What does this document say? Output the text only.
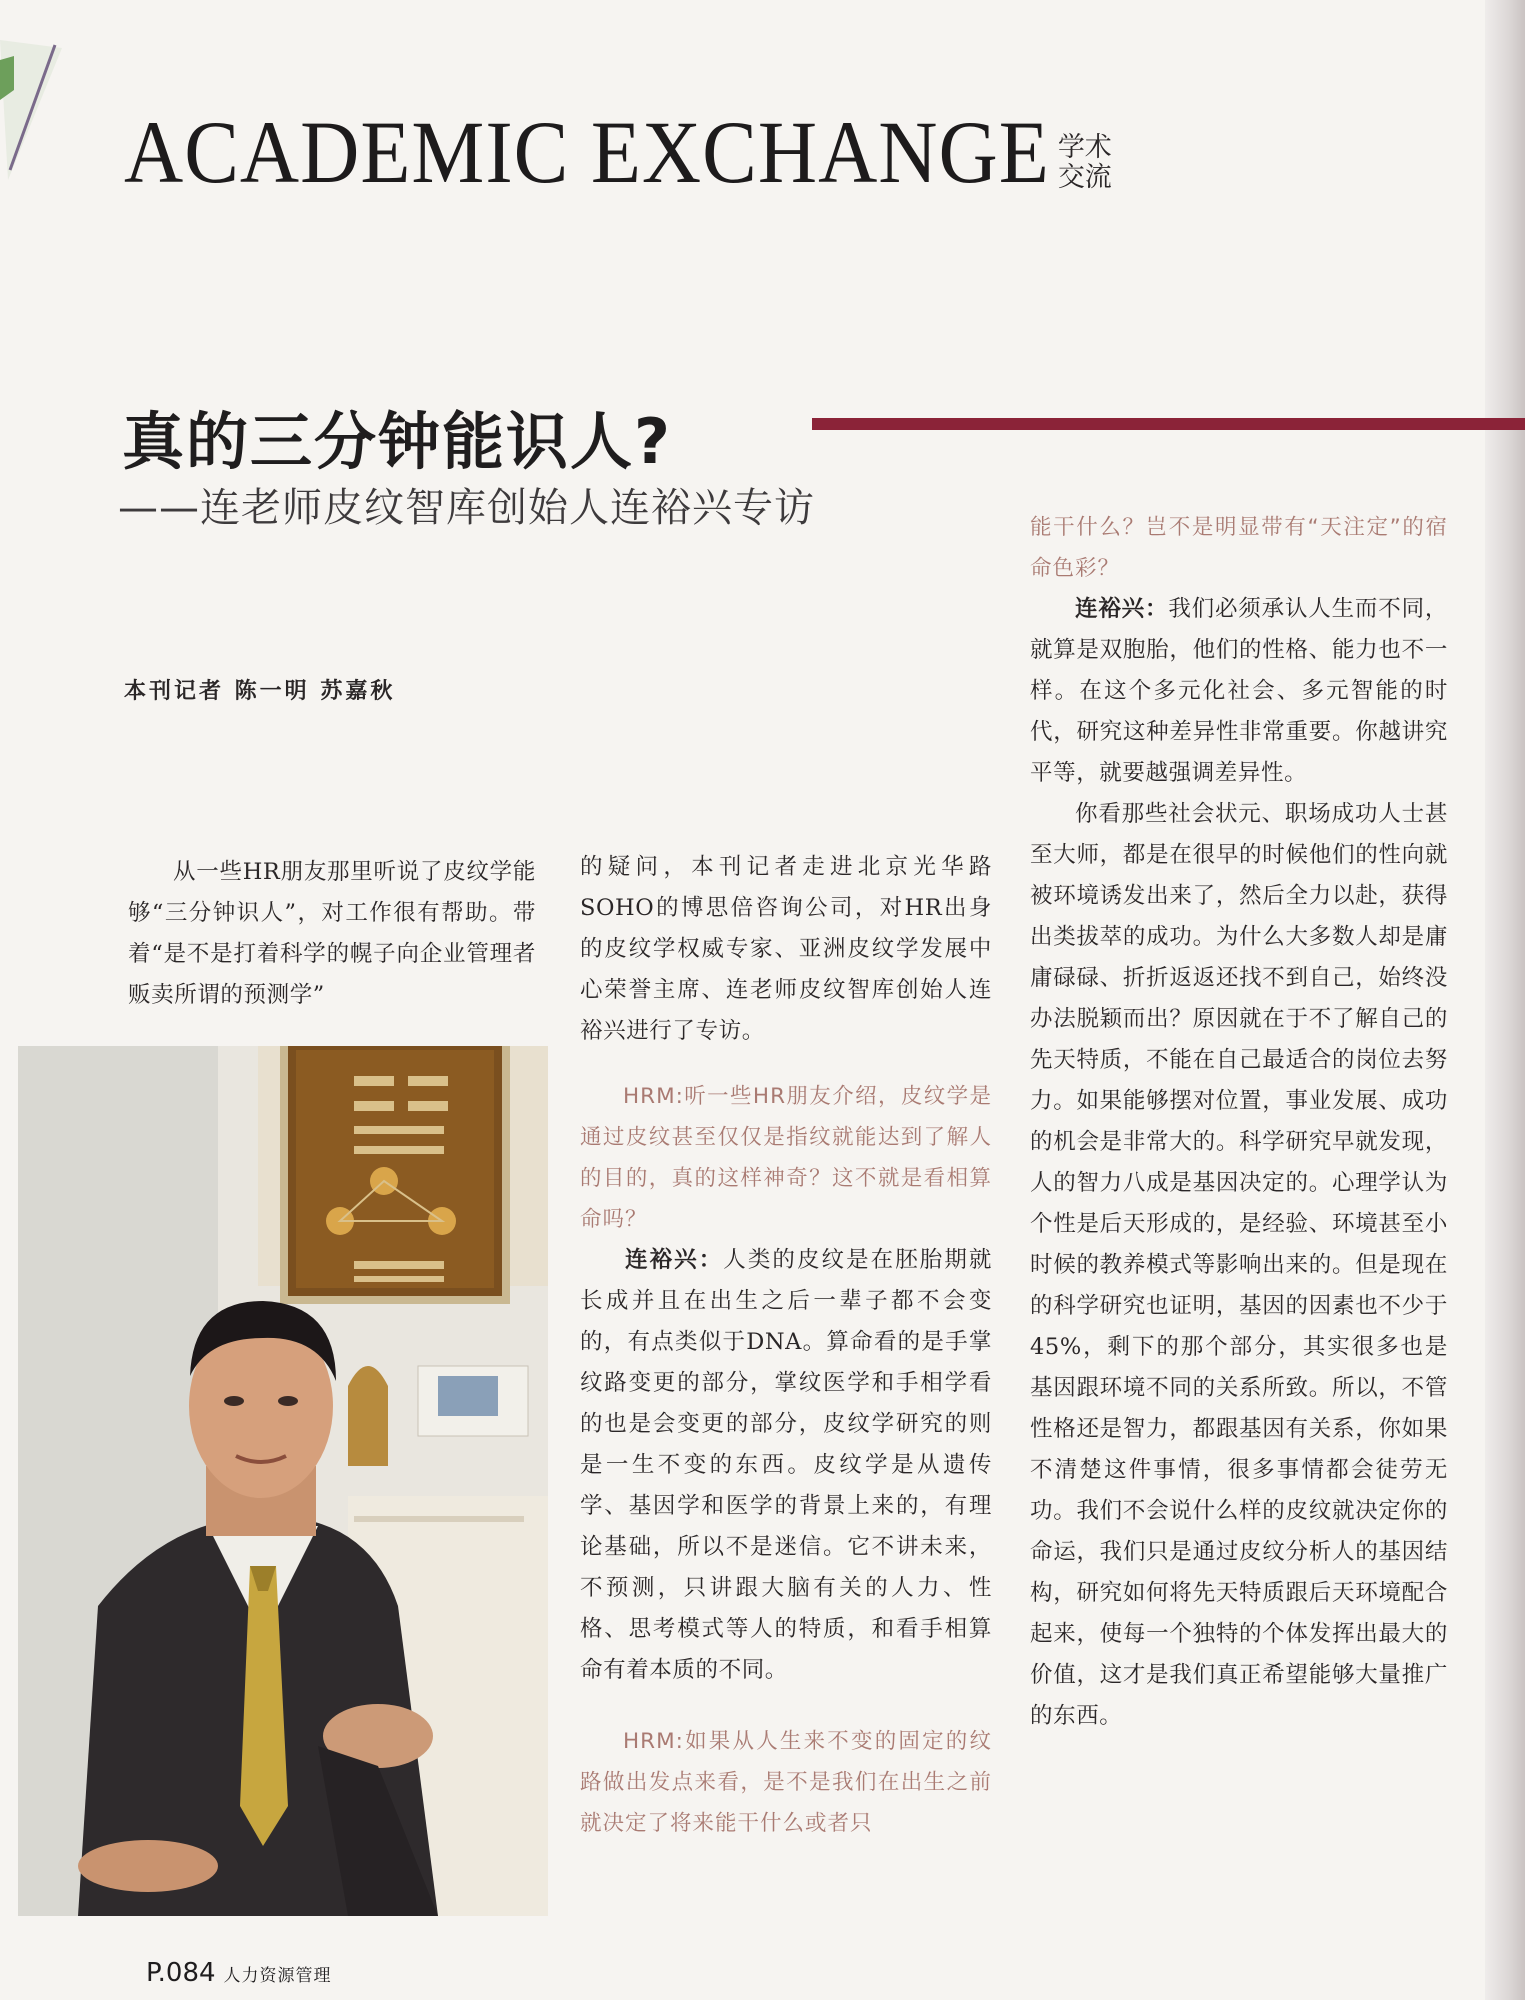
ACADEMIC EXCHANGE 学术交流
真的三分钟能识人?
——连老师皮纹智库创始人连裕兴专访
本刊记者 陈一明 苏嘉秋

从一些HR朋友那里听说了皮纹学能够“三分钟识人”，对工作很有帮助。带着“是不是打着科学的幌子向企业管理者贩卖所谓的预测学”

的疑问，本刊记者走进北京光华路SOHO的博思倍咨询公司，对HR出身的皮纹学权威专家、亚洲皮纹学发展中心荣誉主席、连老师皮纹智库创始人连裕兴进行了专访。

HRM:听一些HR朋友介绍，皮纹学是通过皮纹甚至仅仅是指纹就能达到了解人的目的，真的这样神奇？这不就是看相算命吗？

连裕兴：人类的皮纹是在胚胎期就长成并且在出生之后一辈子都不会变的，有点类似于DNA。算命看的是手掌纹路变更的部分，掌纹医学和手相学看的也是会变更的部分，皮纹学研究的则是一生不变的东西。皮纹学是从遗传学、基因学和医学的背景上来的，有理论基础，所以不是迷信。它不讲未来，不预测，只讲跟大脑有关的人力、性格、思考模式等人的特质，和看手相算命有着本质的不同。

HRM:如果从人生来不变的固定的纹路做出发点来看，是不是我们在出生之前就决定了将来能干什么或者只

能干什么？岂不是明显带有“天注定”的宿命色彩？

连裕兴：我们必须承认人生而不同，就算是双胞胎，他们的性格、能力也不一样。在这个多元化社会、多元智能的时代，研究这种差异性非常重要。你越讲究平等，就要越强调差异性。

你看那些社会状元、职场成功人士甚至大师，都是在很早的时候他们的性向就被环境诱发出来了，然后全力以赴，获得出类拔萃的成功。为什么大多数人却是庸庸碌碌、折折返返还找不到自己，始终没办法脱颖而出？原因就在于不了解自己的先天特质，不能在自己最适合的岗位去努力。如果能够摆对位置，事业发展、成功的机会是非常大的。科学研究早就发现，人的智力八成是基因决定的。心理学认为个性是后天形成的，是经验、环境甚至小时候的教养模式等影响出来的。但是现在的科学研究也证明，基因的因素也不少于45%，剩下的那个部分，其实很多也是基因跟环境不同的关系所致。所以，不管性格还是智力，都跟基因有关系，你如果不清楚这件事情，很多事情都会徒劳无功。我们不会说什么样的皮纹就决定你的命运，我们只是通过皮纹分析人的基因结构，研究如何将先天特质跟后天环境配合起来，使每一个独特的个体发挥出最大的价值，这才是我们真正希望能够大量推广的东西。

P. 084 人力资源管理
